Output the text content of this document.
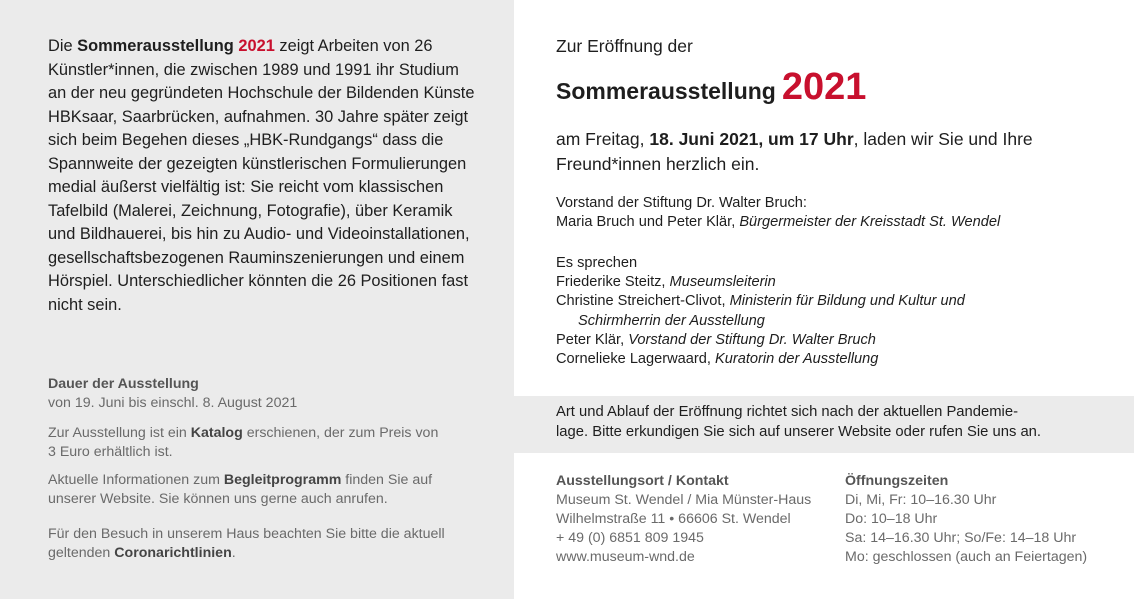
Die Sommerausstellung 2021 zeigt Arbeiten von 26

Künstler*innen, die zwischen 1989 und 1991 ihr Studium

an der neu gegründeten Hochschule der Bildenden Künste

HBKsaar, Saarbrücken, aufnahmen. 30 Jahre später zeigt

sich beim Begehen dieses „HBK-Rundgangs“ dass die

Spannweite der gezeigten künstlerischen Formulierungen

medial äußerst vielfältig ist: Sie reicht vom klassischen

Tafelbild (Malerei, Zeichnung, Fotografie), über Keramik

und Bildhauerei, bis hin zu Audio- und Videoinstallationen,

gesellschaftsbezogenen Rauminszenierungen und einem

Hörspiel. Unterschiedlicher könnten die 26 Positionen fast

nicht sein.

Dauer der Ausstellung

von 19. Juni bis einschl. 8. August 2021

Zur Ausstellung ist ein Katalog erschienen, der zum Preis von

3 Euro erhältlich ist.

Aktuelle Informationen zum Begleitprogramm finden Sie auf

unserer Website. Sie können uns gerne auch anrufen.

Für den Besuch in unserem Haus beachten Sie bitte die aktuell

geltenden Coronarichtlinien.

Zur Eröffnung der
Sommerausstellung 2021

am Freitag, 18. Juni 2021, um 17 Uhr, laden wir Sie und Ihre

Freund*innen herzlich ein.

Vorstand der Stiftung Dr. Walter Bruch:

Maria Bruch und Peter Klär, Bürgermeister der Kreisstadt St. Wendel

Es sprechen

Friederike Steitz, Museumsleiterin

Christine Streichert-Clivot, Ministerin für Bildung und Kultur und

Schirmherrin der Ausstellung

Peter Klär, Vorstand der Stiftung Dr. Walter Bruch

Cornelieke Lagerwaard, Kuratorin der Ausstellung

Art und Ablauf der Eröffnung richtet sich nach der aktuellen Pandemie-

lage. Bitte erkundigen Sie sich auf unserer Website oder rufen Sie uns an.

Ausstellungsort / Kontakt

Museum St. Wendel / Mia Münster-Haus

Wilhelmstraße 11 • 66606 St. Wendel

+ 49 (0) 6851 809 1945

www.museum-wnd.de

Öffnungszeiten

Di, Mi, Fr: 10–16.30 Uhr

Do: 10–18 Uhr

Sa: 14–16.30 Uhr; So/Fe: 14–18 Uhr

Mo: geschlossen (auch an Feiertagen)
